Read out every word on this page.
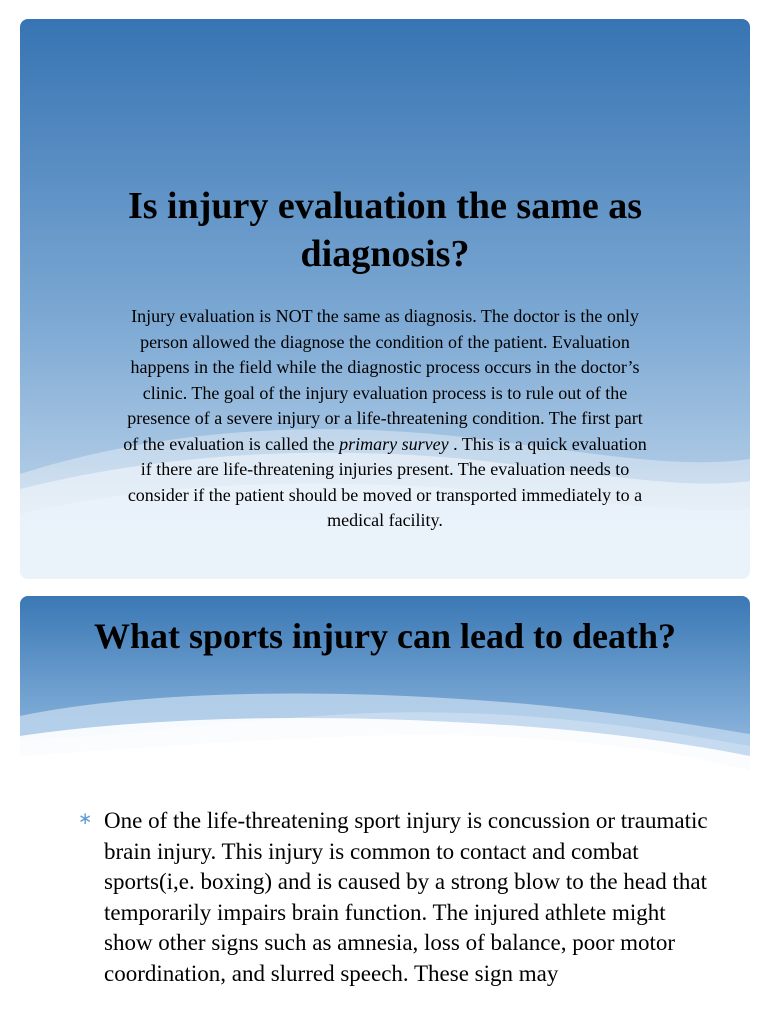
Is injury evaluation the same as diagnosis?

Injury evaluation is NOT the same as diagnosis. The doctor is the only person allowed the diagnose the condition of the patient. Evaluation happens in the field while the diagnostic process occurs in the doctor’s clinic. The goal of the injury evaluation process is to rule out of the presence of a severe injury or a life-threatening condition. The first part of the evaluation is called the primary survey . This is a quick evaluation if there are life-threatening injuries present. The evaluation needs to consider if the patient should be moved or transported immediately to a medical facility.

What sports injury can lead to death?
∗ One of the life-threatening sport injury is concussion or traumatic brain injury. This injury is common to contact and combat sports(i,e. boxing) and is caused by a strong blow to the head that temporarily impairs brain function. The injured athlete might show other signs such as amnesia, loss of balance, poor motor coordination, and slurred speech. These sign may
